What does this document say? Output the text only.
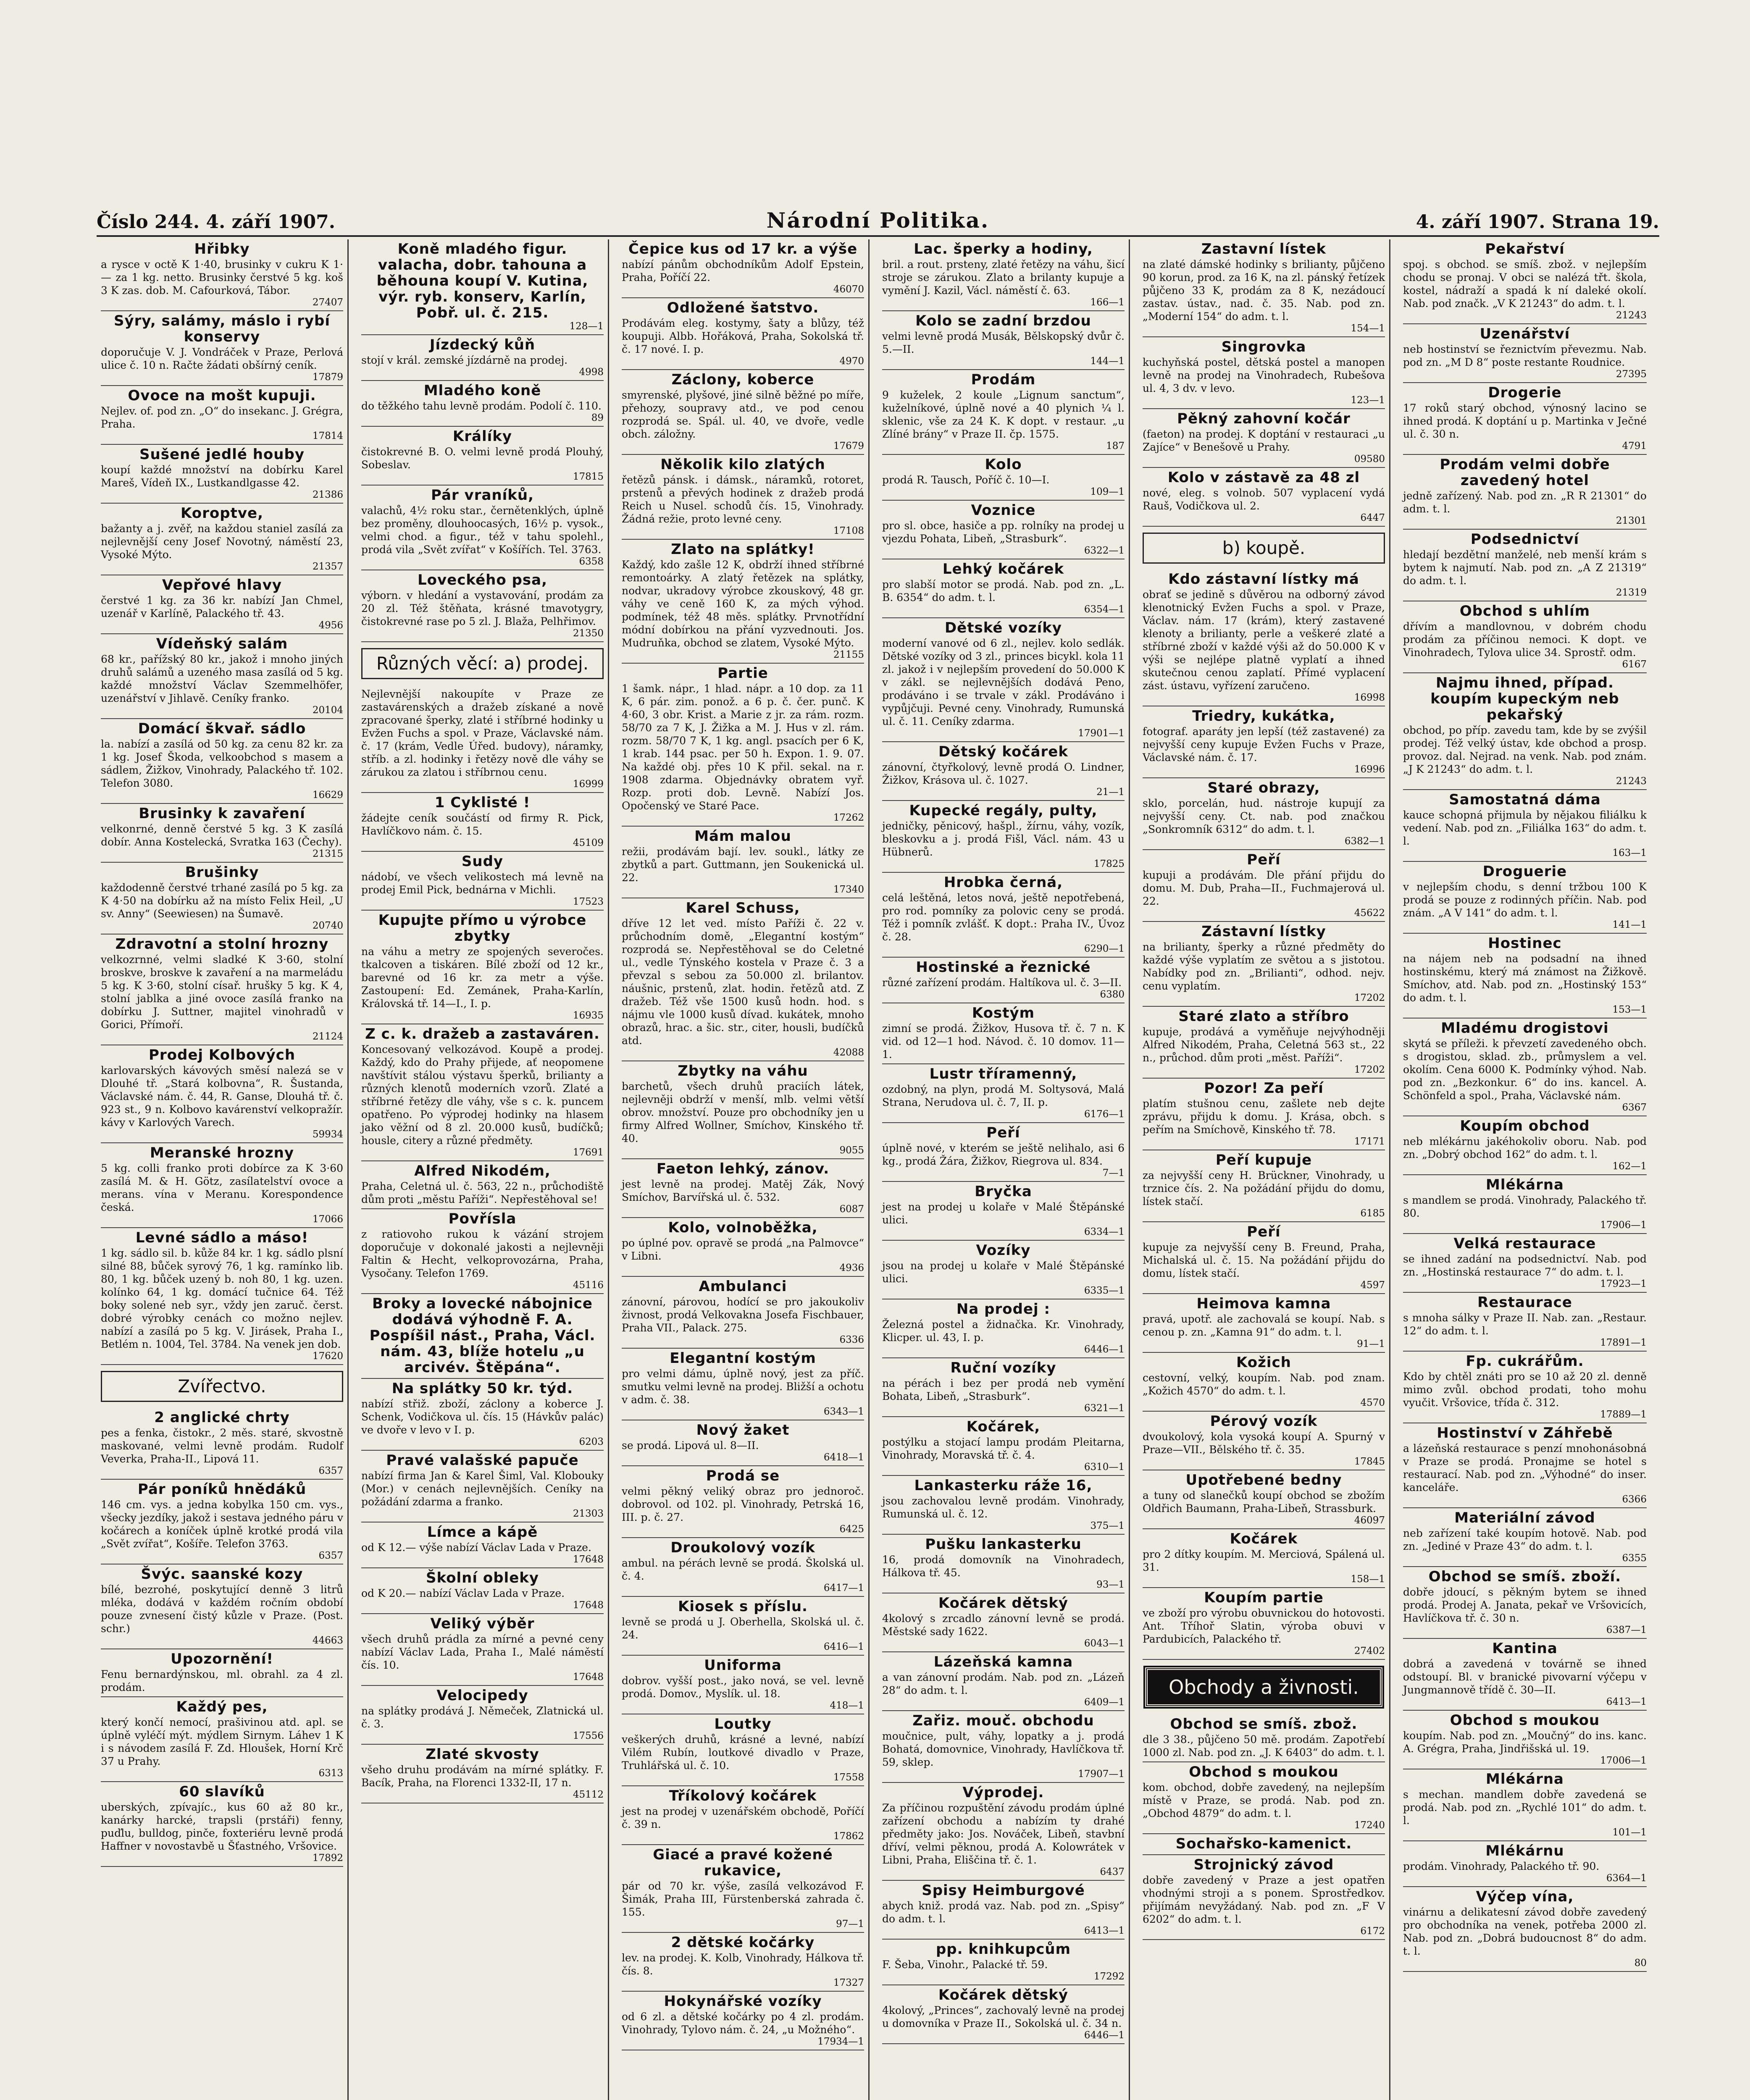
Číslo 244. 4. září 1907.	Národní Politika.	4. září 1907. Strana 19.
Hřibky

a rysce v octě K 1·40, brusinky v cukru K 1·— za 1 kg. netto. Brusinky čerstvé 5 kg. koš 3 K zas. dob. M. Cafourková, Tábor.

27407
Sýry, salámy, máslo i rybí konservy

doporučuje V. J. Vondráček v Praze, Perlová ulice č. 10 n. Račte žádati obšírný ceník.

17879
Ovoce na mošt kupuji.

Nejlev. of. pod zn. „O“ do insekanc. J. Grégra, Praha.

17814
Sušené jedlé houby

koupí každé množství na dobírku Karel Mareš, Vídeň IX., Lustkandlgasse 42.

21386
Koroptve,

bažanty a j. zvěř, na každou staniel zasílá za nejlevnější ceny Josef Novotný, náměstí 23, Vysoké Mýto.

21357
Vepřové hlavy

čerstvé 1 kg. za 36 kr. nabízí Jan Chmel, uzenář v Karlíně, Palackého tř. 43.

4956
Vídeňský salám

68 kr., pařížský 80 kr., jakož i mnoho jiných druhů salámů a uzeného masa zasílá od 5 kg. každé množství Václav Szemmelhöfer, uzenářství v Jihlavě. Ceníky franko.

20104
Domácí škvař. sádlo

la. nabízí a zasílá od 50 kg. za cenu 82 kr. za 1 kg. Josef Škoda, velkoobchod s masem a sádlem, Žižkov, Vinohrady, Palackého tř. 102. Telefon 3080.

16629
Brusinky k zavaření

velkonrné, denně čerstvé 5 kg. 3 K zasílá dobír. Anna Kostelecká, Svratka 163 (Čechy).

21315
Brušinky

každodenně čerstvé trhané zasílá po 5 kg. za K 4·50 na dobírku až na místo Felix Heil, „U sv. Anny“ (Seewiesen) na Šumavě.

20740
Zdravotní a stolní hrozny

velkozrnné, velmi sladké K 3·60, stolní broskve, broskve k zavaření a na marmeládu 5 kg. K 3·60, stolní císař. hrušky 5 kg. K 4, stolní jablka a jiné ovoce zasílá franko na dobírku J. Suttner, majitel vinohradů v Gorici, Přímoří.

21124
Prodej Kolbových

karlovarských kávových směsí nalezá se v Dlouhé tř. „Stará kolbovna“, R. Šustanda, Václavské nám. č. 44, R. Ganse, Dlouhá tř. č. 923 st., 9 n. Kolbovo kavárenství velkopražír. kávy v Karlových Varech.

59934
Meranské hrozny

5 kg. colli franko proti dobírce za K 3·60 zasílá M. & H. Götz, zasílatelství ovoce a merans. vína v Meranu. Korespondence česká.

17066
Levné sádlo a máso!

1 kg. sádlo sil. b. kůže 84 kr. 1 kg. sádlo plsní silné 88, bůček syrový 76, 1 kg. ramínko lib. 80, 1 kg. bůček uzený b. noh 80, 1 kg. uzen. kolínko 64, 1 kg. domácí tučnice 64. Též boky solené neb syr., vždy jen zaruč. čerst. dobré výrobky cenách co možno nejlev. nabízí a zasílá po 5 kg. V. Jirásek, Praha I., Betlém n. 1004, Tel. 3784. Na venek jen dob.

17620
Zvířectvo.
2 anglické chrty

pes a fenka, čistokr., 2 měs. staré, skvostně maskované, velmi levně prodám. Rudolf Veverka, Praha-II., Lipová 11.

6357
Pár poníků hnědáků

146 cm. vys. a jedna kobylka 150 cm. vys., všecky jezdíky, jakož i sestava jedného páru v kočárech a koníček úplně krotké prodá vila „Svět zvířat“, Košíře. Telefon 3763.

6357
Švýc. saanské kozy

bílé, bezrohé, poskytující denně 3 litrů mléka, dodává v každém ročním období pouze zvnesení čistý kůzle v Praze. (Post. schr.)

44663
Upozornění!

Fenu bernardýnskou, ml. obrahl. za 4 zl. prodám.

Každý pes,

který končí nemocí, prašivinou atd. apl. se úplně vyléčí mýt. mýdlem Sirnym. Láhev 1 K i s návodem zasílá F. Zd. Hloušek, Horní Krč 37 u Prahy.

6313
60 slavíků

uberských, zpívajíc., kus 60 až 80 kr., kanárky harcké, trapsli (prstáři) fenny, puďlu, bulldog, pinče, foxteriéru levně prodá Haffner v novostavbě u Šťastného, Vršovice.

17892
Koně mladého figur. valacha, dobr. tahouna a běhouna koupí V. Kutina, výr. ryb. konserv, Karlín, Pobř. ul. č. 215.
128—1
Jízdecký kůň

stojí v král. zemské jízdárně na prodej.

4998
Mladého koně

do těžkého tahu levně prodám. Podolí č. 110.

89
Králíky

čistokrevné B. O. velmi levně prodá Plouhý, Sobeslav.

17815
Pár vraníků,

valachů, 4½ roku star., černětenklých, úplně bez proměny, dlouhoocasých, 16½ p. vysok., velmi chod. a figur., též v tahu spolehl., prodá vila „Svět zvířat“ v Košířích. Tel. 3763.

6358
Loveckého psa,

výborn. v hledání a vystavování, prodám za 20 zl. Též štěňata, krásné tmavotygry, čistokrevné rase po 5 zl. J. Blaža, Pelhřimov.

21350
Různých věcí: a) prodej.

Nejlevnější nakoupíte v Praze ze zastavárenských a dražeb získané a nově zpracované šperky, zlaté i stříbrné hodinky u Evžen Fuchs a spol. v Praze, Václavské nám. č. 17 (krám, Vedle Úřed. budovy), náramky, stříb. a zl. hodinky i řetězy nově dle váhy se zárukou za zlatou i stříbrnou cenu.

16999
1 Cyklisté !

žádejte ceník součástí od firmy R. Pick, Havlíčkovo nám. č. 15.

45109
Sudy

nádobí, ve všech velikostech má levně na prodej Emil Pick, bednárna v Michli.

17523
Kupujte přímo u výrobce zbytky

na váhu a metry ze spojených severočes. tkalcoven a tiskáren. Bílé zboží od 12 kr., barevné od 16 kr. za metr a výše. Zastoupení: Ed. Zemánek, Praha-Karlín, Královská tř. 14—I., I. p.

16935
Z c. k. dražeb a zastaváren.

Koncesovaný velkozávod. Koupě a prodej. Každý, kdo do Prahy přijede, ať neopomene navštívit stálou výstavu šperků, brilianty a různých klenotů moderních vzorů. Zlaté a stříbrné řetězy dle váhy, vše s c. k. puncem opatřeno. Po výprodej hodinky na hlasem jako věžní od 8 zl. 20.000 kusů, budíčků; housle, citery a různé předměty.

17691
Alfred Nikodém,

Praha, Celetná ul. č. 563, 22 n., průchodiště dům proti „městu Paříži“. Nepřestěhoval se!

Povřísla

z ratiovoho rukou k vázání strojem doporučuje v dokonalé jakosti a nejlevněji Faltin & Hecht, velkoprovozárna, Praha, Vysočany. Telefon 1769.

45116
Broky a lovecké nábojnice dodává výhodně F. A. Pospíšil nást., Praha, Václ. nám. 43, blíže hotelu „u arcivév. Štěpána“.
Na splátky 50 kr. týd.

nabízí střiž. zboží, záclony a koberce J. Schenk, Vodičkova ul. čís. 15 (Hávkův palác) ve dvoře v levo v I. p.

6203
Pravé valašské papuče

nabízí firma Jan & Karel Šiml, Val. Klobouky (Mor.) v cenách nejlevnějších. Ceníky na požádání zdarma a franko.

21303
Límce a kápě

od K 12.— výše nabízí Václav Lada v Praze.

17648
Školní obleky

od K 20.— nabízí Václav Lada v Praze.

17648
Veliký výběr

všech druhů prádla za mírné a pevné ceny nabízí Václav Lada, Praha I., Malé náměstí čís. 10.

17648
Velocipedy

na splátky prodává J. Němeček, Zlatnická ul. č. 3.

17556
Zlaté skvosty

všeho druhu prodávám na mírné splátky. F. Bacík, Praha, na Florenci 1332-II, 17 n.

45112
Čepice kus od 17 kr. a výše

nabízí pánům obchodníkům Adolf Epstein, Praha, Poříčí 22.

46070
Odložené šatstvo.

Prodávám eleg. kostymy, šaty a blůzy, též koupuji. Albb. Hořáková, Praha, Sokolská tř. č. 17 nové. I. p.

4970
Záclony, koberce

smyrenské, plyšové, jiné silně běžné po míře, přehozy, soupravy atd., ve pod cenou rozprodá se. Spál. ul. 40, ve dvoře, vedle obch. záložny.

17679
Několik kilo zlatých

řetězů pánsk. i dámsk., náramků, rotoret, prstenů a převých hodinek z dražeb prodá Reich u Nusel. schodů čís. 15, Vinohrady. Žádná režie, proto levné ceny.

17108
Zlato na splátky!

Každý, kdo zašle 12 K, obdrží ihned stříbrné remontoárky. A zlatý řetězek na splátky, nodvar, ukradovy výrobce zkouskový, 48 gr. váhy ve ceně 160 K, za mých výhod. podmínek, též 48 měs. splátky. Prvnotřídní módní dobírkou na přání vyzvednouti. Jos. Mudruňka, obchod se zlatem, Vysoké Mýto.

21155
Partie

1 šamk. nápr., 1 hlad. nápr. a 10 dop. za 11 K, 6 pár. zim. ponož. a 6 p. č. čer. punč. K 4·60, 3 obr. Krist. a Marie z jr. za rám. rozm. 58/70 za 7 K, J. Žižka a M. J. Hus v zl. rám. rozm. 58/70 7 K, 1 kg. angl. psacích per 6 K, 1 krab. 144 psac. per 50 h. Expon. 1. 9. 07. Na každé obj. přes 10 K přil. sekal. na r. 1908 zdarma. Objednávky obratem vyř. Rozp. proti dob. Levně. Nabízí Jos. Opočenský ve Staré Pace.

17262
Mám malou

režii, prodávám bají. lev. soukl., látky ze zbytků a part. Guttmann, jen Soukenická ul. 22.

17340
Karel Schuss,

dříve 12 let ved. místo Paříži č. 22 v. průchodním domě, „Elegantní kostým“ rozprodá se. Nepřestěhoval se do Celetné ul., vedle Týnského kostela v Praze č. 3 a převzal s sebou za 50.000 zl. brilantov. náušnic, prstenů, zlat. hodin. řetězů atd. Z dražeb. Též vše 1500 kusů hodn. hod. s nájmu vle 1000 kusů dívad. kukátek, mnoho obrazů, hrac. a šic. str., citer, housli, budíčků atd.

42088
Zbytky na váhu

barchetů, všech druhů praciích látek, nejlevněji obdrží v menší, mlb. velmi větší obrov. množství. Pouze pro obchodníky jen u firmy Alfred Wollner, Smíchov, Kinského tř. 40.

9055
Faeton lehký, zánov.

jest levně na prodej. Matěj Zák, Nový Smíchov, Barvířská ul. č. 532.

6087
Kolo, volnoběžka,

po úplné pov. opravě se prodá „na Palmovce“ v Libni.

4936
Ambulanci

zánovní, párovou, hodící se pro jakoukoliv živnost, prodá Velkovakna Josefa Fischbauer, Praha VII., Palack. 275.

6336
Elegantní kostým

pro velmi dámu, úplně nový, jest za příč. smutku velmi levně na prodej. Bližší a ochotu v adm. č. 38.

6343—1
Nový žaket

se prodá. Lipová ul. 8—II.

6418—1
Prodá se

velmi pěkný veliký obraz pro jednoroč. dobrovol. od 102. pl. Vinohrady, Petrská 16, III. p. č. 27.

6425
Droukolový vozík

ambul. na pérách levně se prodá. Školská ul. č. 4.

6417—1
Kiosek s příslu.

levně se prodá u J. Oberhella, Skolská ul. č. 24.

6416—1
Uniforma

dobrov. vyšší post., jako nová, se vel. levně prodá. Domov., Myslík. ul. 18.

418—1
Loutky

veškerých druhů, krásné a levné, nabízí Vilém Rubín, loutkové divadlo v Praze, Truhlářská ul. č. 10.

17558
Tříkolový kočárek

jest na prodej v uzenářském obchodě, Poříčí č. 39 n.

17862
Giacé a pravé kožené rukavice,

pár od 70 kr. výše, zasílá velkozávod F. Šimák, Praha III, Fürstenberská zahrada č. 155.

97—1
2 dětské kočárky

lev. na prodej. K. Kolb, Vinohrady, Hálkova tř. čís. 8.

17327
Hokynářské vozíky

od 6 zl. a dětské kočárky po 4 zl. prodám. Vinohrady, Tylovo nám. č. 24, „u Možného“.

17934—1
Lac. šperky a hodiny,

bril. a rout. prsteny, zlaté řetězy na váhu, šicí stroje se zárukou. Zlato a brilanty kupuje a vymění J. Kazil, Václ. náměstí č. 63.

166—1
Kolo se zadní brzdou

velmi levně prodá Musák, Bělskopský dvůr č. 5.—II.

144—1
Prodám

9 kuželek, 2 koule „Lignum sanctum“, kuželníkové, úplně nové a 40 plynich ¼ l. sklenic, vše za 24 K. K dopt. v restaur. „u Zlíné brány“ v Praze II. čp. 1575.

187
Kolo

prodá R. Tausch, Poříč č. 10—I.

109—1
Voznice

pro sl. obce, hasiče a pp. rolníky na prodej u vjezdu Pohata, Libeň, „Strasburk“.

6322—1
Lehký kočárek

pro slabší motor se prodá. Nab. pod zn. „L. B. 6354“ do adm. t. l.

6354—1
Dětské vozíky

moderní vanové od 6 zl., nejlev. kolo sedlák. Dětské vozíky od 3 zl., princes bicykl. kola 11 zl. jakož i v nejlepším provedení do 50.000 K v zákl. se nejlevnějších dodává Peno, prodáváno i se trvale v zákl. Prodáváno i vypůjčuji. Pevné ceny. Vinohrady, Rumunská ul. č. 11. Ceníky zdarma.

17901—1
Dětský kočárek

zánovní, čtyřkolový, levně prodá O. Lindner, Žižkov, Krásova ul. č. 1027.

21—1
Kupecké regály, pulty,

jedničky, pěnicový, hašpl., žírnu, váhy, vozík, bleskovku a j. prodá Fišl, Václ. nám. 43 u Hübnerů.

17825
Hrobka černá,

celá leštěná, letos nová, ještě nepotřebená, pro rod. pomníky za polovic ceny se prodá. Též i pomník zvlášť. K dopt.: Praha IV., Úvoz č. 28.

6290—1
Hostinské a řeznické

různé zařízení prodám. Haltíkova ul. č. 3—II.

6380
Kostým

zimní se prodá. Žižkov, Husova tř. č. 7 n. K vid. od 12—1 hod. Návod. č. 10 domov. 11—1.

Lustr tříramenný,

ozdobný, na plyn, prodá M. Soltysová, Malá Strana, Nerudova ul. č. 7, II. p.

6176—1
Peří

úplně nové, v kterém se ještě nelihalo, asi 6 kg., prodá Žára, Žižkov, Riegrova ul. 834.

7—1
Bryčka

jest na prodej u kolaře v Malé Štěpánské ulici.

6334—1
Vozíky

jsou na prodej u kolaře v Malé Štěpánské ulici.

6335—1
Na prodej :

Železná postel a židnačka. Kr. Vinohrady, Klicper. ul. 43, I. p.

6446—1
Ruční vozíky

na pérách i bez per prodá neb vymění Bohata, Libeň, „Strasburk“.

6321—1
Kočárek,

postýlku a stojací lampu prodám Pleitarna, Vinohrady, Moravská tř. č. 4.

6310—1
Lankasterku ráže 16,

jsou zachovalou levně prodám. Vinohrady, Rumunská ul. č. 12.

375—1
Pušku lankasterku

16, prodá domovník na Vinohradech, Hálkova tř. 45.

93—1
Kočárek dětský

4kolový s zrcadlo zánovní levně se prodá. Městské sady 1622.

6043—1
Lázeňská kamna

a van zánovní prodám. Nab. pod zn. „Lázeň 28“ do adm. t. l.

6409—1
Zařiz. mouč. obchodu

moučnice, pult, váhy, lopatky a j. prodá Bohatá, domovnice, Vinohrady, Havlíčkova tř. 59, sklep.

17907—1
Výprodej.

Za příčinou rozpuštění závodu prodám úplné zařízení obchodu a nabízím ty drahé předměty jako: Jos. Nováček, Libeň, stavbní dříví, velmi pěknou, prodá A. Kolowrátek v Libni, Praha, Eliščina tř. č. 1.

6437
Spisy Heimburgové

abych kniž. prodá vaz. Nab. pod zn. „Spisy“ do adm. t. l.

6413—1
pp. knihkupcům

F. Šeba, Vinohr., Palacké tř. 59.

17292
Kočárek dětský

4kolový, „Princes“, zachovalý levně na prodej u domovníka v Praze II., Sokolská ul. č. 34 n.

6446—1
Zastavní lístek

na zlaté dámské hodinky s brilianty, půjčeno 90 korun, prod. za 16 K, na zl. pánský řetízek půjčeno 33 K, prodám za 8 K, nezádoucí zastav. ústav., nad. č. 35. Nab. pod zn. „Moderní 154“ do adm. t. l.

154—1
Singrovka

kuchyňská postel, dětská postel a manopen levně na prodej na Vinohradech, Rubešova ul. 4, 3 dv. v levo.

123—1
Pěkný zahovní kočár

(faeton) na prodej. K doptání v restauraci „u Zajíce“ v Benešově u Prahy.

09580
Kolo v zástavě za 48 zl

nové, eleg. s volnob. 507 vyplacení vydá Rauš, Vodičkova ul. 2.

6447
b) koupě.
Kdo zástavní lístky má

obrať se jedině s důvěrou na odborný závod klenotnický Evžen Fuchs a spol. v Praze, Václav. nám. 17 (krám), který zastavené klenoty a brilianty, perle a veškeré zlaté a stříbrné zboží v každé výši až do 50.000 K v výši se nejlépe platně vyplatí a ihned skutečnou cenou zaplatí. Přímé vyplacení zást. ústavu, vyřízení zaručeno.

16998
Triedry, kukátka,

fotograf. aparáty jen lepší (též zastavené) za nejvyšší ceny kupuje Evžen Fuchs v Praze, Václavské nám. č. 17.

16996
Staré obrazy,

sklo, porcelán, hud. nástroje kupují za nejvyšší ceny. Ct. nab. pod značkou „Sonkromník 6312“ do adm. t. l.

6382—1
Peří

kupuji a prodávám. Dle přání přijdu do domu. M. Dub, Praha—II., Fuchmajerová ul. 22.

45622
Zástavní lístky

na brilianty, šperky a různé předměty do každé výše vyplatím ze světou a s jistotou. Nabídky pod zn. „Brilianti“, odhod. nejv. cenu vyplatím.

17202
Staré zlato a stříbro

kupuje, prodává a vyměňuje nejvýhodněji Alfred Nikodém, Praha, Celetná 563 st., 22 n., průchod. dům proti „měst. Paříži“.

17202
Pozor! Za peří

platím stušnou cenu, zašlete neb dejte zprávu, přijdu k domu. J. Krása, obch. s peřím na Smíchově, Kinského tř. 78.

17171
Peří kupuje

za nejvyšší ceny H. Brückner, Vinohrady, u trznice čís. 2. Na požádání přijdu do domu, lístek stačí.

6185
Peří

kupuje za nejvyšší ceny B. Freund, Praha, Michalská ul. č. 15. Na požádání přijdu do domu, lístek stačí.

4597
Heimova kamna

pravá, upotř. ale zachovalá se koupí. Nab. s cenou p. zn. „Kamna 91“ do adm. t. l.

91—1
Kožich

cestovní, velký, koupím. Nab. pod znam. „Kožich 4570“ do adm. t. l.

4570
Pérový vozík

dvoukolový, kola vysoká koupí A. Spurný v Praze—VII., Bělského tř. č. 35.

17845
Upotřebené bedny

a tuny od slanečků koupí obchod se zbožím Oldřich Baumann, Praha-Libeň, Strassburk.

46097
Kočárek

pro 2 dítky koupím. M. Merciová, Spálená ul. 31.

158—1
Koupím partie

ve zboží pro výrobu obuvnickou do hotovosti. Ant. Tříhoř Slatin, výroba obuvi v Pardubicích, Palackého tř.

27402
Obchody a živnosti.
Obchod se smíš. zbož.

dle 3 38., půjčeno 50 mě. prodám. Zapotřebí 1000 zl. Nab. pod zn. „J. K 6403“ do adm. t. l.

Obchod s moukou

kom. obchod, dobře zavedený, na nejlepším místě v Praze, se prodá. Nab. pod zn. „Obchod 4879“ do adm. t. l.

17240
Sochařsko-kamenict.
Strojnický závod

dobře zavedený v Praze a jest opatřen vhodnými stroji a s ponem. Sprostředkov. přijímám nevyžádaný. Nab. pod zn. „F V 6202“ do adm. t. l.

6172
Pekařství

spoj. s obchod. se smíš. zbož. v nejlepším chodu se pronaj. V obci se nalézá třt. škola, kostel, nádraží a spadá k ní daleké okolí. Nab. pod značk. „V K 21243“ do adm. t. l.

21243
Uzenářství

neb hostinství se řeznictvím převezmu. Nab. pod zn. „M D 8“ poste restante Roudnice.

27395
Drogerie

17 roků starý obchod, výnosný lacino se ihned prodá. K doptání u p. Martinka v Ječné ul. č. 30 n.

4791
Prodám velmi dobře zavedený hotel

jedně zařízený. Nab. pod zn. „R R 21301“ do adm. t. l.

21301
Podsednictví

hledají bezdětní manželé, neb menší krám s bytem k najmutí. Nab. pod zn. „A Z 21319“ do adm. t. l.

21319
Obchod s uhlím

dřívím a mandlovnou, v dobrém chodu prodám za příčinou nemoci. K dopt. ve Vinohradech, Tylova ulice 34. Sprostř. odm.

6167
Najmu ihned, případ. koupím kupeckým neb pekařský

obchod, po příp. zavedu tam, kde by se zvýšil prodej. Též velký ústav, kde obchod a prosp. provoz. dal. Nejrad. na venk. Nab. pod znám. „J K 21243“ do adm. t. l.

21243
Samostatná dáma

kauce schopná přijmula by nějakou filiálku k vedení. Nab. pod zn. „Filiálka 163“ do adm. t. l.

163—1
Droguerie

v nejlepším chodu, s denní tržbou 100 K prodá se pouze z rodinných příčin. Nab. pod znám. „A V 141“ do adm. t. l.

141—1
Hostinec

na nájem neb na podsadní na ihned hostinskému, který má známost na Žižkově. Smíchov, atd. Nab. pod zn. „Hostinský 153“ do adm. t. l.

153—1
Mladému drogistovi

skytá se příleži. k převzetí zavedeného obch. s drogistou, sklad. zb., průmyslem a vel. okolím. Cena 6000 K. Podmínky výhod. Nab. pod zn. „Bezkonkur. 6“ do ins. kancel. A. Schönfeld a spol., Praha, Václavské nám.

6367
Koupím obchod

neb mlékárnu jakéhokoliv oboru. Nab. pod zn. „Dobrý obchod 162“ do adm. t. l.

162—1
Mlékárna

s mandlem se prodá. Vinohrady, Palackého tř. 80.

17906—1
Velká restaurace

se ihned zadání na podsednictví. Nab. pod zn. „Hostinská restaurace 7“ do adm. t. l.

17923—1
Restaurace

s mnoha sálky v Praze II. Nab. zan. „Restaur. 12“ do adm. t. l.

17891—1
Fp. cukrářům.

Kdo by chtěl znáti pro se 10 až 20 zl. denně mimo zvůl. obchod prodati, toho mohu vyučit. Vršovice, třída č. 312.

17889—1
Hostinství v Záhřebě

a lázeňská restaurace s penzí mnohonásobná v Praze se prodá. Pronajme se hotel s restaurací. Nab. pod zn. „Výhodné“ do inser. kanceláře.

6366
Materiální závod

neb zařízení také koupím hotově. Nab. pod zn. „Jediné v Praze 43“ do adm. t. l.

6355
Obchod se smíš. zboží.

dobře jdoucí, s pěkným bytem se ihned prodá. Prodej A. Janata, pekař ve Vršovicích, Havlíčkova tř. č. 30 n.

6387—1
Kantina

dobrá a zavedená v továrně se ihned odstoupí. Bl. v branické pivovarní výčepu v Jungmannově třídě č. 30—II.

6413—1
Obchod s moukou

koupím. Nab. pod zn. „Moučný“ do ins. kanc. A. Grégra, Praha, Jindřišská ul. 19.

17006—1
Mlékárna

s mechan. mandlem dobře zavedená se prodá. Nab. pod zn. „Rychlé 101“ do adm. t. l.

101—1
Mlékárnu

prodám. Vinohrady, Palackého tř. 90.

6364—1
Výčep vína,

vinárnu a delikatesní závod dobře zavedený pro obchodníka na venek, potřeba 2000 zl. Nab. pod zn. „Dobrá budoucnost 8“ do adm. t. l.

80
